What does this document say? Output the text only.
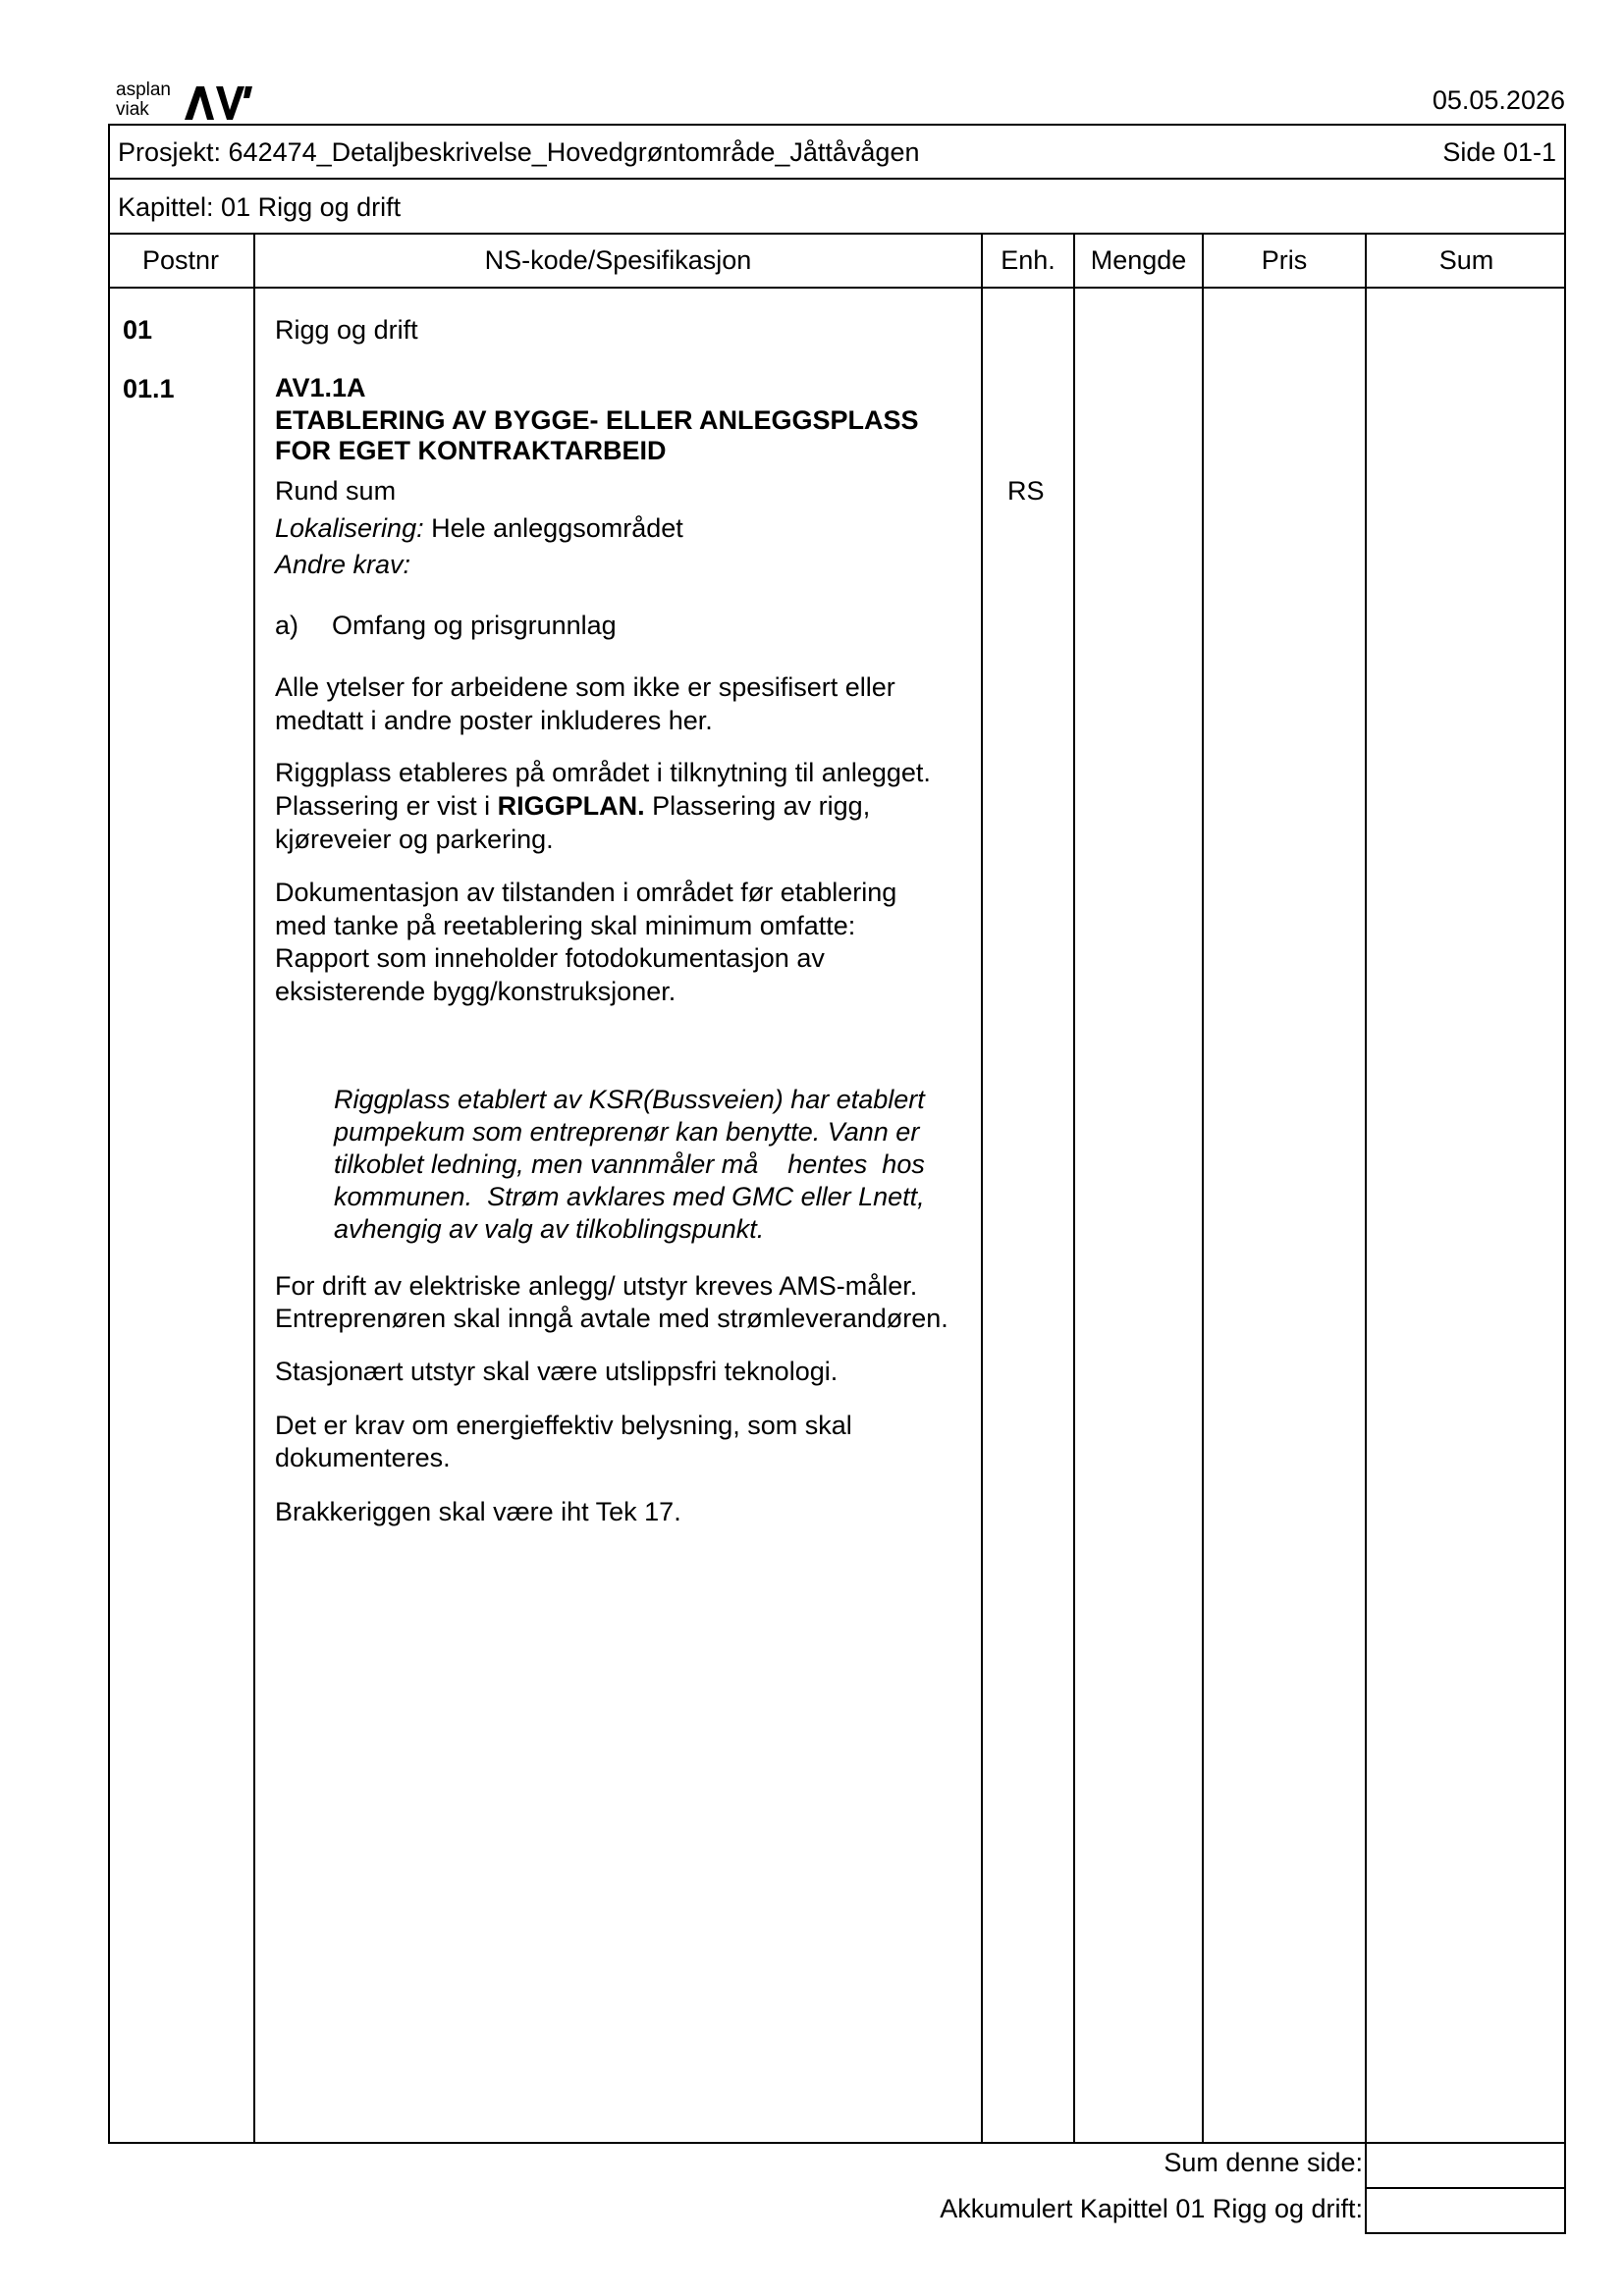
asplan
viak	05.05.2026
Prosjekt: 642474_Detaljbeskrivelse_Hovedgrøntområde_Jåttåvågen	Side 01-1
Kapittel: 01 Rigg og drift
Postnr	NS-kode/Spesifikasjon	Enh.	Mengde	Pris	Sum
01	Rigg og drift
01.1	AV1.1A
ETABLERING AV BYGGE- ELLER ANLEGGSPLASS
FOR EGET KONTRAKTARBEID
Rund sum	RS
Lokalisering: Hele anleggsområdet
Andre krav:
a) Omfang og prisgrunnlag
Alle ytelser for arbeidene som ikke er spesifisert eller
medtatt i andre poster inkluderes her.
Riggplass etableres på området i tilknytning til anlegget.
Plassering er vist i RIGGPLAN. Plassering av rigg,
kjøreveier og parkering.
Dokumentasjon av tilstanden i området før etablering
med tanke på reetablering skal minimum omfatte:
Rapport som inneholder fotodokumentasjon av
eksisterende bygg/konstruksjoner.
Riggplass etablert av KSR(Bussveien) har etablert
pumpekum som entreprenør kan benytte. Vann er
tilkoblet ledning, men vannmåler må    hentes  hos
kommunen.  Strøm avklares med GMC eller Lnett,
avhengig av valg av tilkoblingspunkt.
For drift av elektriske anlegg/ utstyr kreves AMS-måler.
Entreprenøren skal inngå avtale med strømleverandøren.
Stasjonært utstyr skal være utslippsfri teknologi.
Det er krav om energieffektiv belysning, som skal
dokumenteres.
Brakkeriggen skal være iht Tek 17.
Sum denne side:
Akkumulert Kapittel 01 Rigg og drift:
